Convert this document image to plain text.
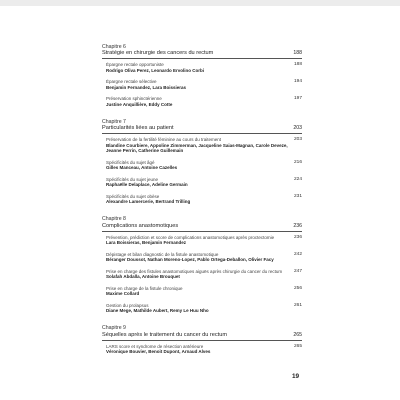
Chapitre 6
Stratégie en chirurgie des cancers du rectum	188
Épargne rectale opportuniste	188
Rodrigo Oliva Perez, Leonardo Ervolino Corbi
Épargne rectale sélective	194
Benjamin Fernandez, Lara Boissieras
Préservation sphinctérienne	197
Justine Anquillière, Eddy Cotte
Chapitre 7
Particularités liées au patient	203
Préservation de la fertilité féminine au cours du traitement	203
Blandine Courbiere, Appoline Zimmerman, Jacqueline Saias-Magnan, Carole Deveze, Jeanne Perrin, Catherine Guillemain
Spécificités du sujet âgé	216
Gilles Manceau, Antoine Cazelles
Spécificités du sujet jeune	224
Raphaëlle Delaplace, Adeline Germain
Spécificités du sujet obèse	231
Alexandre Lamercerie, Bertrand Trilling
Chapitre 8
Complications anastomotiques	236
Prévention, prédiction et score de complications anastomotiques après proctectomie	236
Lara Boissieras, Benjamin Fernandez
Dépistage et bilan diagnostic de la fistule anastomotique	242
Béranger Doussot, Nathan Moreno-Lopez, Pablo Ortega-Deballon, Olivier Facy
Prise en charge des fistules anastomotiques aiguës après chirurgie du cancer du rectum	247
Solafah Abdalla, Antoine Brouquet
Prise en charge de la fistule chronique	256
Maxime Collard
Gestion du prolapsus	261
Diane Mege, Mathilde Aubert, Remy Le Huu Nho
Chapitre 9
Séquelles après le traitement du cancer du rectum	265
LARS score et syndrome de résection antérieure	265
Véronique Bouvier, Benoit Dupont, Arnaud Alves
19
